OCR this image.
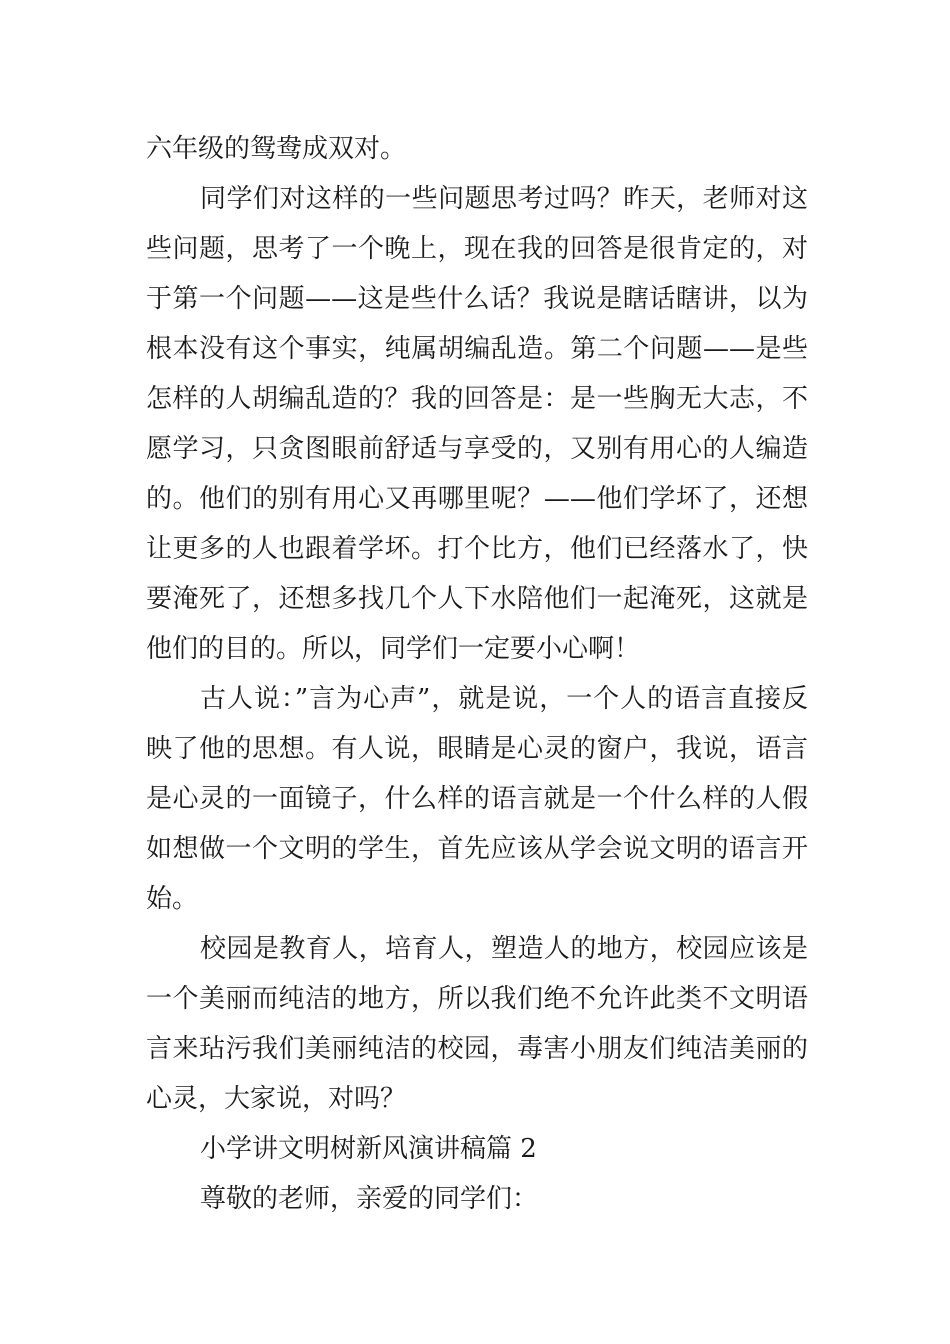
六年级的鸳鸯成双对。

同学们对这样的一些问题思考过吗？昨天，老师对这些问题，思考了一个晚上，现在我的回答是很肯定的，对于第一个问题——这是些什么话？我说是瞎话瞎讲，以为根本没有这个事实，纯属胡编乱造。第二个问题——是些怎样的人胡编乱造的？我的回答是：是一些胸无大志，不愿学习，只贪图眼前舒适与享受的，又别有用心的人编造的。他们的别有用心又再哪里呢？——他们学坏了，还想让更多的人也跟着学坏。打个比方，他们已经落水了，快要淹死了，还想多找几个人下水陪他们一起淹死，这就是他们的目的。所以，同学们一定要小心啊！

古人说：”言为心声”，就是说，一个人的语言直接反映了他的思想。有人说，眼睛是心灵的窗户，我说，语言是心灵的一面镜子，什么样的语言就是一个什么样的人假如想做一个文明的学生，首先应该从学会说文明的语言开始。

校园是教育人，培育人，塑造人的地方，校园应该是一个美丽而纯洁的地方，所以我们绝不允许此类不文明语言来玷污我们美丽纯洁的校园，毒害小朋友们纯洁美丽的心灵，大家说，对吗？

小学讲文明树新风演讲稿篇 2

尊敬的老师，亲爱的同学们：
